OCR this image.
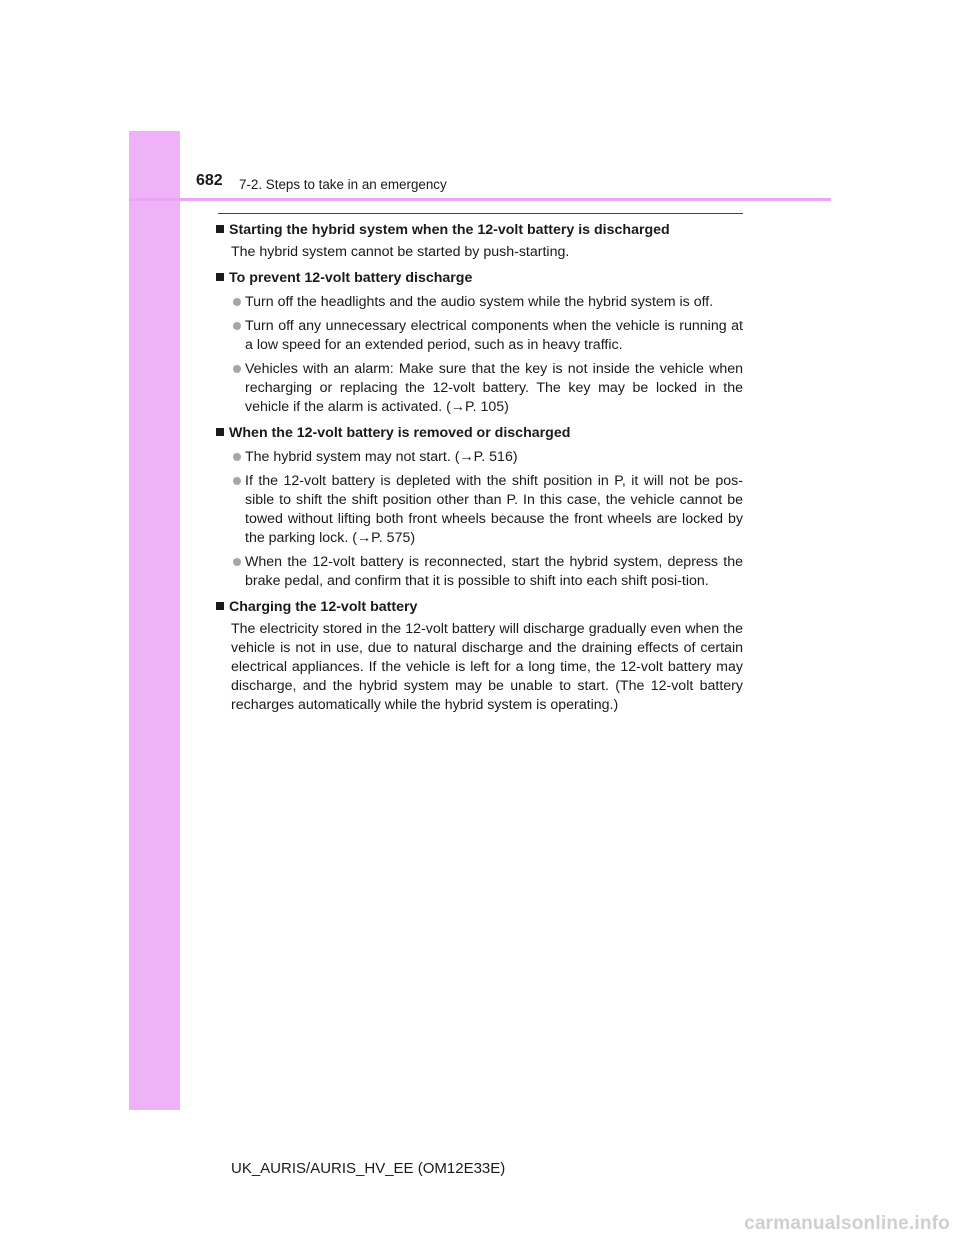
682 7-2. Steps to take in an emergency
Starting the hybrid system when the 12-volt battery is discharged
The hybrid system cannot be started by push-starting.
To prevent 12-volt battery discharge
Turn off the headlights and the audio system while the hybrid system is off.
Turn off any unnecessary electrical components when the vehicle is running at a low speed for an extended period, such as in heavy traffic.
Vehicles with an alarm: Make sure that the key is not inside the vehicle when recharging or replacing the 12-volt battery. The key may be locked in the vehicle if the alarm is activated. (→P. 105)
When the 12-volt battery is removed or discharged
The hybrid system may not start. (→P. 516)
If the 12-volt battery is depleted with the shift position in P, it will not be pos-sible to shift the shift position other than P. In this case, the vehicle cannot be towed without lifting both front wheels because the front wheels are locked by the parking lock. (→P. 575)
When the 12-volt battery is reconnected, start the hybrid system, depress the brake pedal, and confirm that it is possible to shift into each shift posi-tion.
Charging the 12-volt battery
The electricity stored in the 12-volt battery will discharge gradually even when the vehicle is not in use, due to natural discharge and the draining effects of certain electrical appliances. If the vehicle is left for a long time, the 12-volt battery may discharge, and the hybrid system may be unable to start. (The 12-volt battery recharges automatically while the hybrid system is operating.)
UK_AURIS/AURIS_HV_EE (OM12E33E)
carmanualsonline.info
